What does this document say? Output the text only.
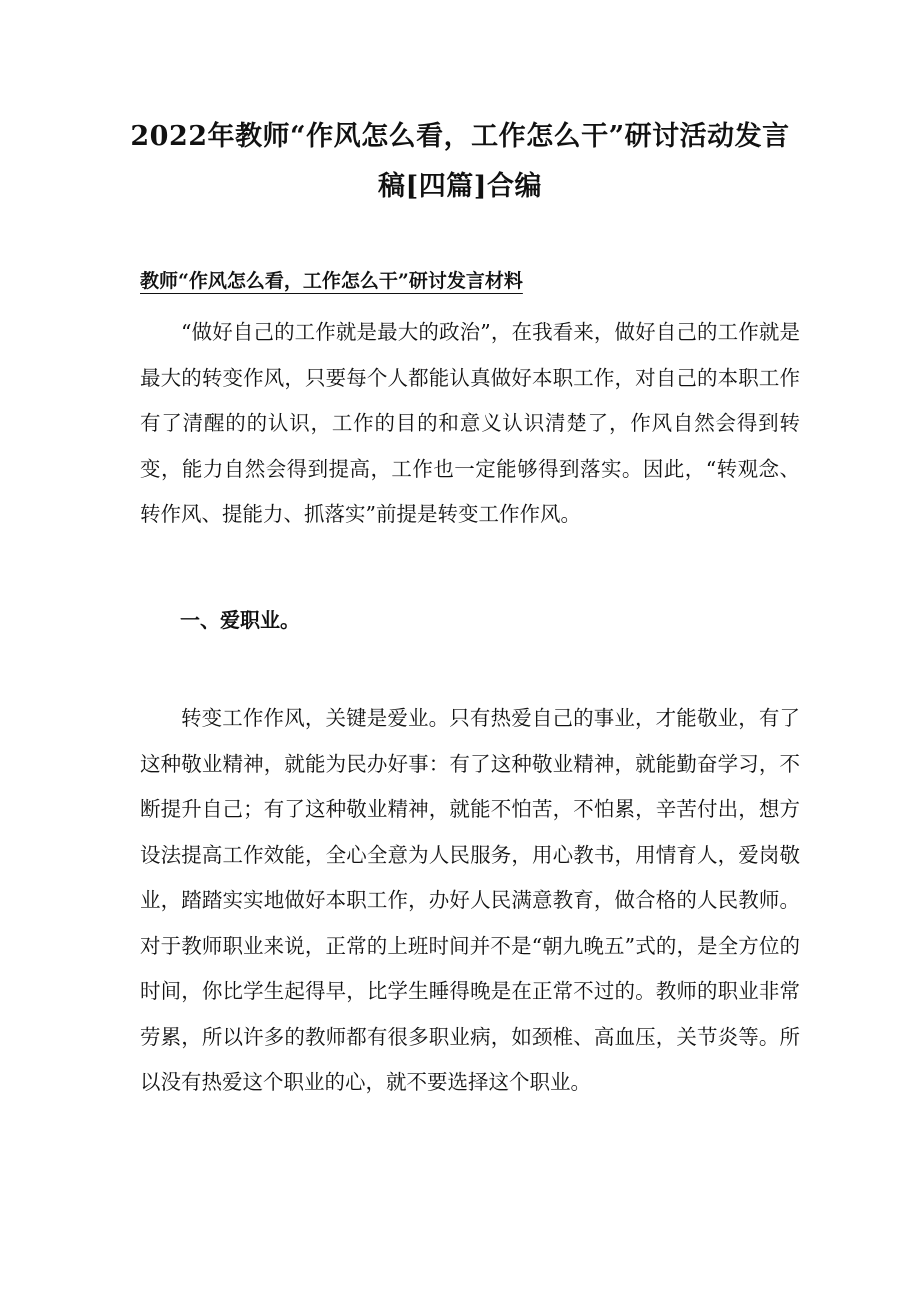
2022年教师“作风怎么看，工作怎么干”研讨活动发言稿[四篇]合编
教师“作风怎么看，工作怎么干”研讨发言材料

“做好自己的工作就是最大的政治”，在我看来，做好自己的工作就是最大的转变作风，只要每个人都能认真做好本职工作，对自己的本职工作有了清醒的的认识，工作的目的和意义认识清楚了，作风自然会得到转变，能力自然会得到提高，工作也一定能够得到落实。因此，“转观念、转作风、提能力、抓落实”前提是转变工作作风。

一、爱职业。

转变工作作风，关键是爱业。只有热爱自己的事业，才能敬业，有了这种敬业精神，就能为民办好事：有了这种敬业精神，就能勤奋学习，不断提升自己；有了这种敬业精神，就能不怕苦，不怕累，辛苦付出，想方设法提高工作效能，全心全意为人民服务，用心教书，用情育人，爱岗敬业，踏踏实实地做好本职工作，办好人民满意教育，做合格的人民教师。对于教师职业来说，正常的上班时间并不是“朝九晚五”式的，是全方位的时间，你比学生起得早，比学生睡得晚是在正常不过的。教师的职业非常劳累，所以许多的教师都有很多职业病，如颈椎、高血压，关节炎等。所以没有热爱这个职业的心，就不要选择这个职业。
